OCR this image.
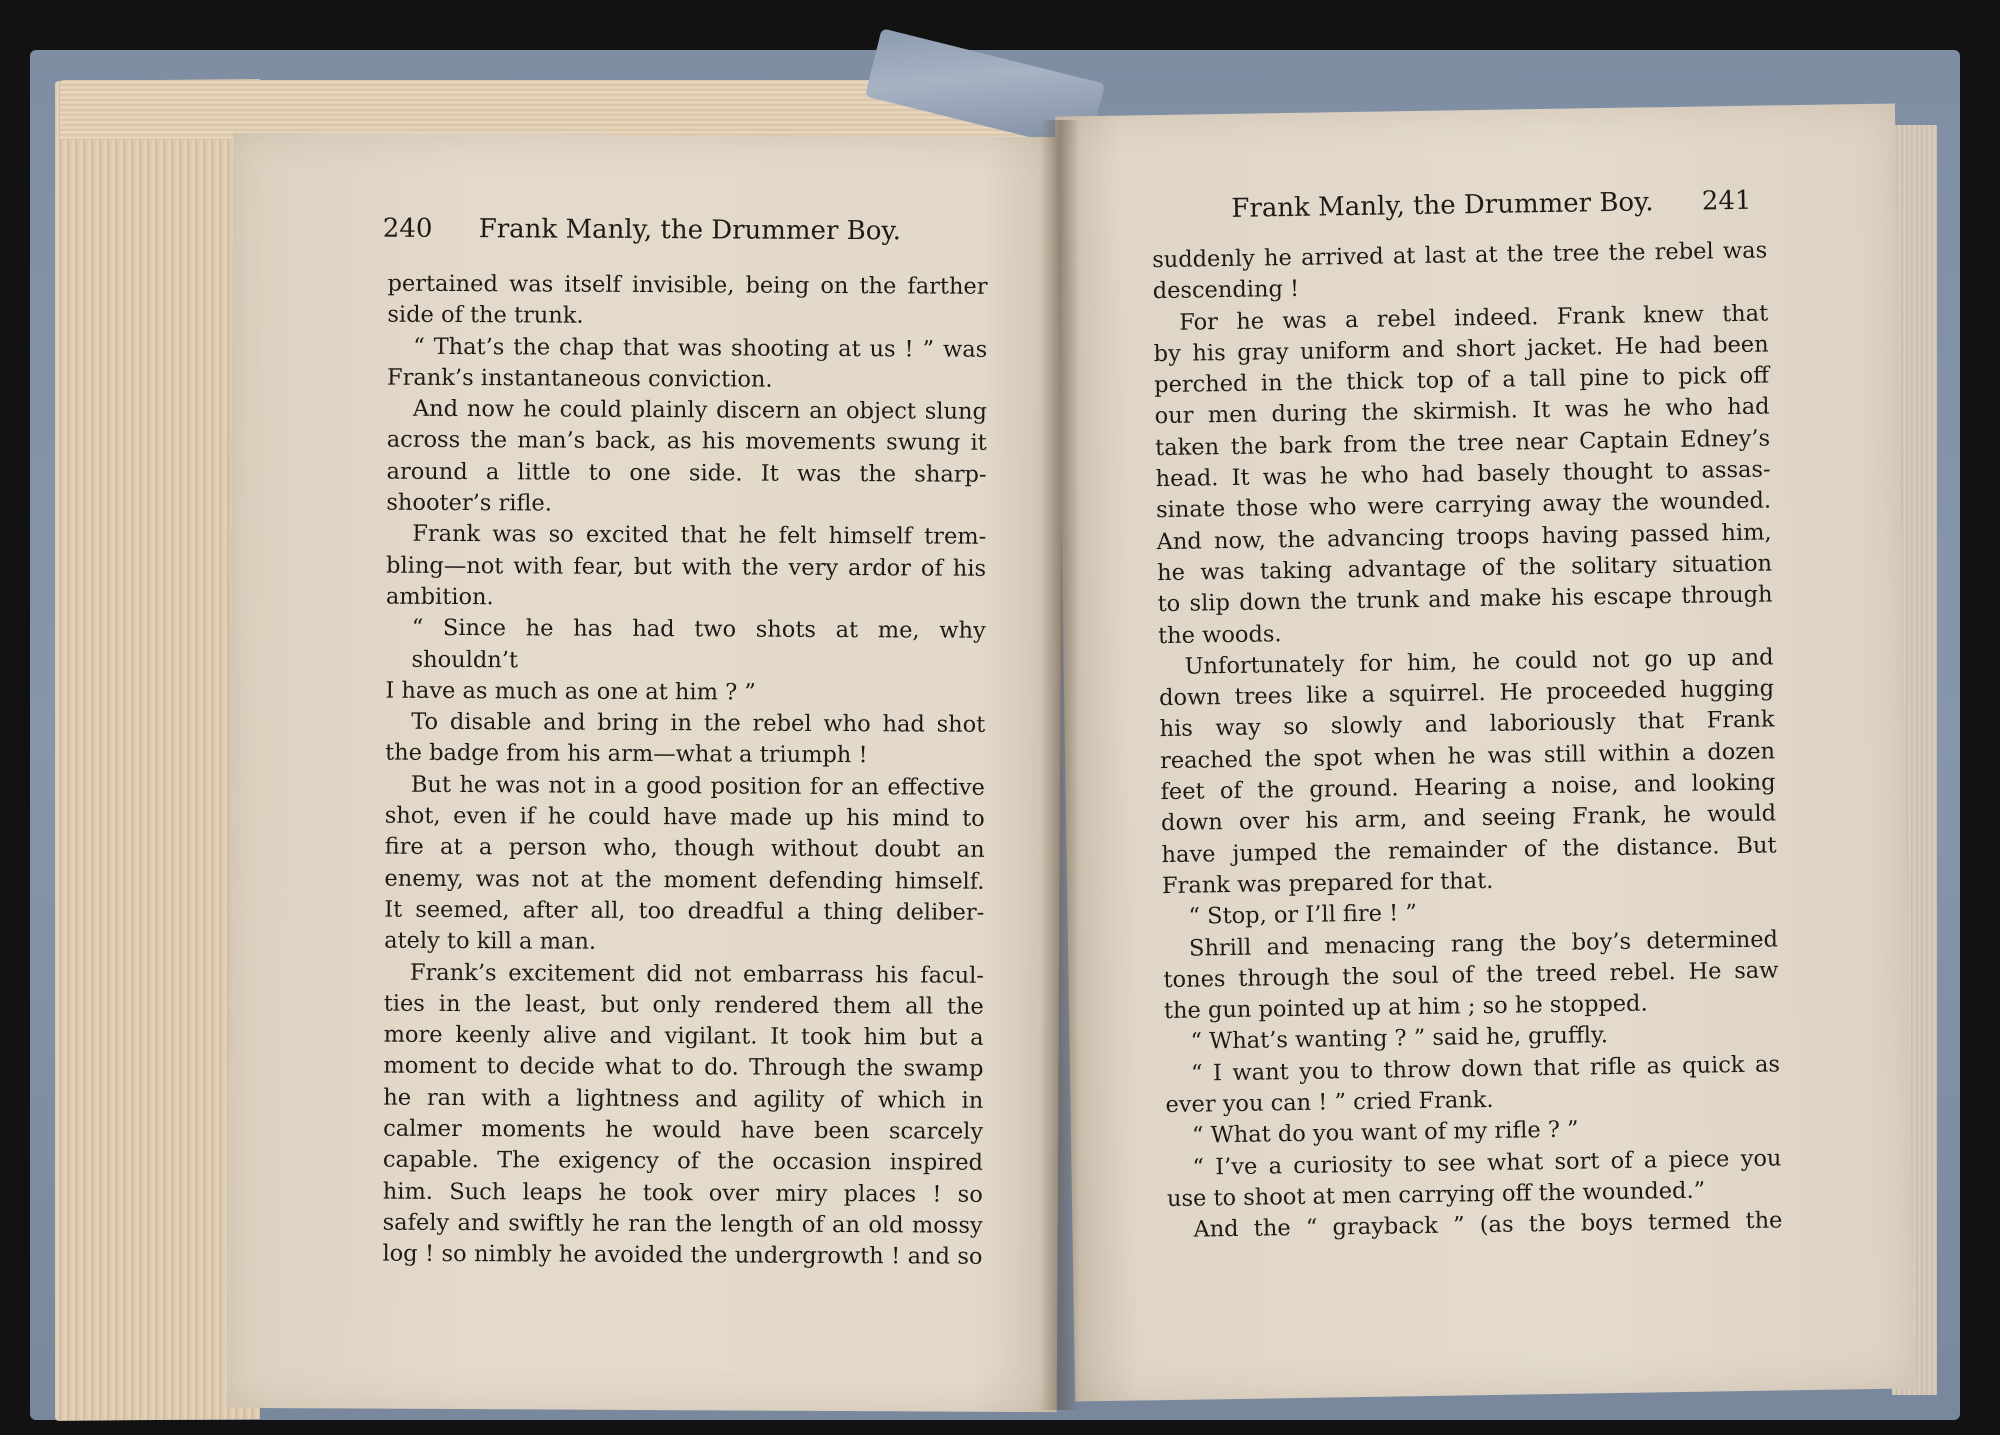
240 Frank Manly, the Drummer Boy.
pertained was itself invisible, being on the farther
side of the trunk.
“ That’s the chap that was shooting at us ! ” was
Frank’s instantaneous conviction.
And now he could plainly discern an object slung
across the man’s back, as his movements swung it
around a little to one side. It was the sharp-
shooter’s rifle.
Frank was so excited that he felt himself trem-
bling—not with fear, but with the very ardor of his
ambition.
“ Since he has had two shots at me, why shouldn’t
I have as much as one at him ? ”
To disable and bring in the rebel who had shot
the badge from his arm—what a triumph !
But he was not in a good position for an effective
shot, even if he could have made up his mind to
fire at a person who, though without doubt an
enemy, was not at the moment defending himself.
It seemed, after all, too dreadful a thing deliber-
ately to kill a man.
Frank’s excitement did not embarrass his facul-
ties in the least, but only rendered them all the
more keenly alive and vigilant. It took him but a
moment to decide what to do. Through the swamp
he ran with a lightness and agility of which in
calmer moments he would have been scarcely
capable. The exigency of the occasion inspired
him. Such leaps he took over miry places ! so
safely and swiftly he ran the length of an old mossy
log ! so nimbly he avoided the undergrowth ! and so
Frank Manly, the Drummer Boy. 241
suddenly he arrived at last at the tree the rebel was
descending !
For he was a rebel indeed. Frank knew that
by his gray uniform and short jacket. He had been
perched in the thick top of a tall pine to pick off
our men during the skirmish. It was he who had
taken the bark from the tree near Captain Edney’s
head. It was he who had basely thought to assas-
sinate those who were carrying away the wounded.
And now, the advancing troops having passed him,
he was taking advantage of the solitary situation
to slip down the trunk and make his escape through
the woods.
Unfortunately for him, he could not go up and
down trees like a squirrel. He proceeded hugging
his way so slowly and laboriously that Frank
reached the spot when he was still within a dozen
feet of the ground. Hearing a noise, and looking
down over his arm, and seeing Frank, he would
have jumped the remainder of the distance. But
Frank was prepared for that.
“ Stop, or I’ll fire ! ”
Shrill and menacing rang the boy’s determined
tones through the soul of the treed rebel. He saw
the gun pointed up at him ; so he stopped.
“ What’s wanting ? ” said he, gruffly.
“ I want you to throw down that rifle as quick as
ever you can ! ” cried Frank.
“ What do you want of my rifle ? ”
“ I’ve a curiosity to see what sort of a piece you
use to shoot at men carrying off the wounded.”
And the “ grayback ” (as the boys termed the
